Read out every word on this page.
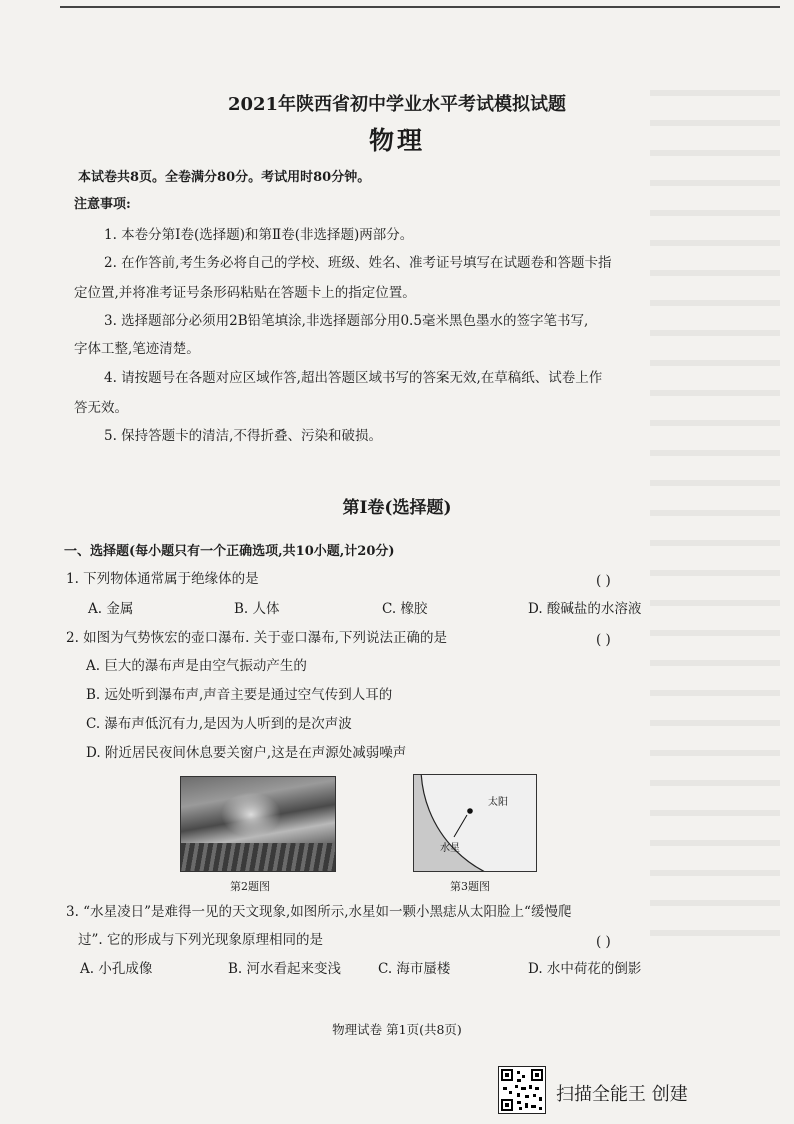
2021年陕西省初中学业水平考试模拟试题
物理
本试卷共8页。全卷满分80分。考试用时80分钟。
注意事项:
1. 本卷分第Ⅰ卷(选择题)和第Ⅱ卷(非选择题)两部分。
2. 在作答前,考生务必将自己的学校、班级、姓名、准考证号填写在试题卷和答题卡指
定位置,并将准考证号条形码粘贴在答题卡上的指定位置。
3. 选择题部分必须用2B铅笔填涂,非选择题部分用0.5毫米黑色墨水的签字笔书写,
字体工整,笔迹清楚。
4. 请按题号在各题对应区域作答,超出答题区域书写的答案无效,在草稿纸、试卷上作
答无效。
5. 保持答题卡的清洁,不得折叠、污染和破损。
第Ⅰ卷(选择题)
一、选择题(每小题只有一个正确选项,共10小题,计20分)
1. 下列物体通常属于绝缘体的是	( )
A. 金属	B. 人体	C. 橡胶	D. 酸碱盐的水溶液
2. 如图为气势恢宏的壶口瀑布. 关于壶口瀑布,下列说法正确的是	( )
A. 巨大的瀑布声是由空气振动产生的
B. 远处听到瀑布声,声音主要是通过空气传到人耳的
C. 瀑布声低沉有力,是因为人听到的是次声波
D. 附近居民夜间休息要关窗户,这是在声源处减弱噪声
第2题图
太阳
水星
第3题图
3. “水星凌日”是难得一见的天文现象,如图所示,水星如一颗小黑痣从太阳脸上“缓慢爬
过”. 它的形成与下列光现象原理相同的是	( )
A. 小孔成像	B. 河水看起来变浅	C. 海市蜃楼	D. 水中荷花的倒影
物理试卷 第1页(共8页)
扫描全能王 创建
